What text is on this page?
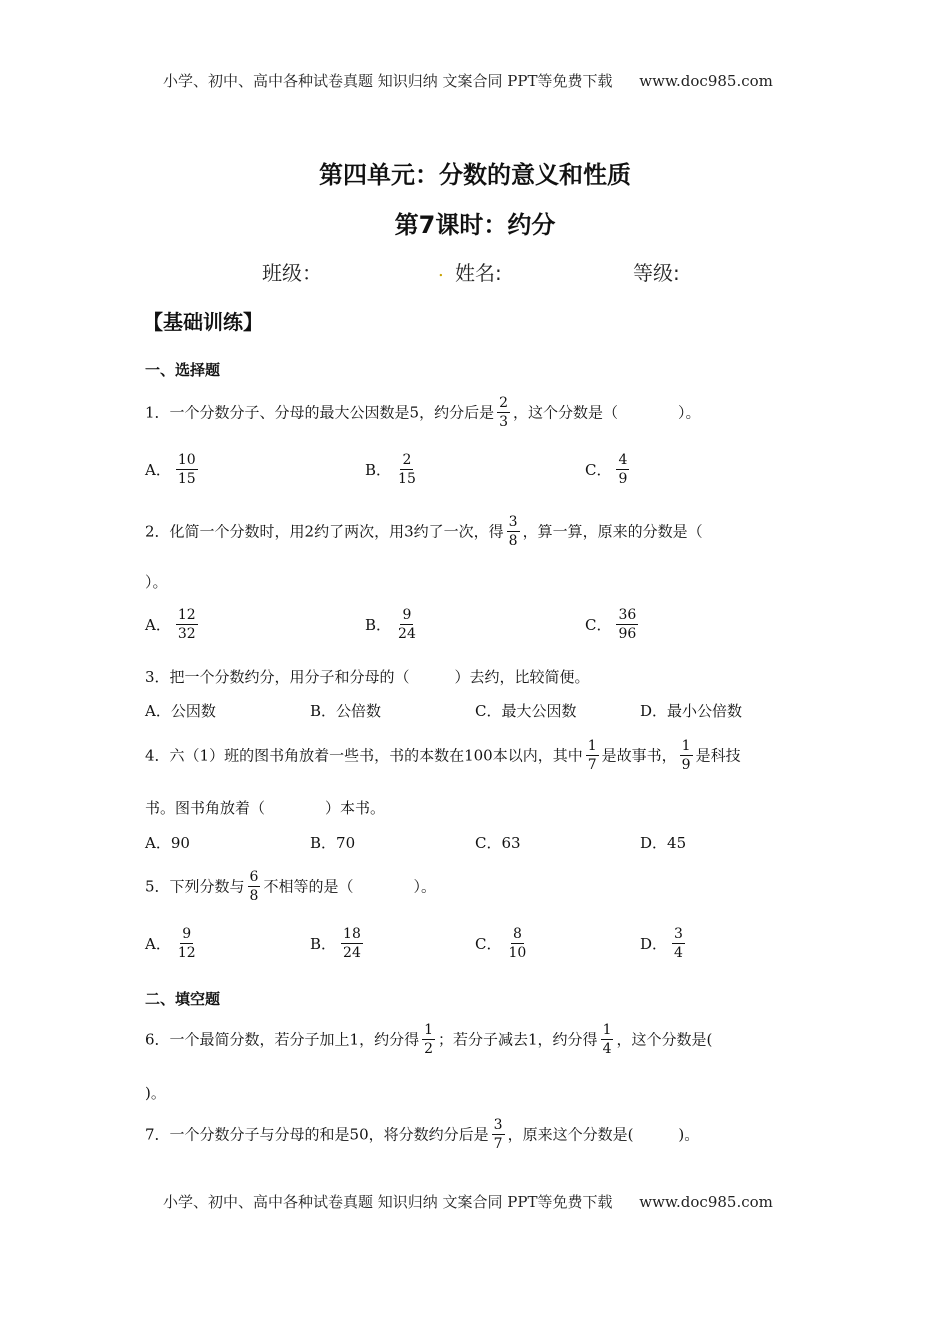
小学、初中、高中各种试卷真题 知识归纳 文案合同 PPT等免费下载 www.doc985.com
第四单元：分数的意义和性质
第7课时：约分
班级：	. 姓名:	等级:
【基础训练】
一、选择题
1．一个分数分子、分母的最大公因数是5，约分后是 $\frac{2}{3}$ ，这个分数是（　　　　）。
A． $\frac{10}{15}$	B． $\frac{2}{15}$	C． $\frac{4}{9}$
2．化简一个分数时，用2约了两次，用3约了一次，得 $\frac{3}{8}$ ，算一算，原来的分数是（
）。
A． $\frac{12}{32}$	B． $\frac{9}{24}$	C． $\frac{36}{96}$
3．把一个分数约分，用分子和分母的（　　　）去约，比较简便。
A．公因数	B．公倍数	C．最大公因数	D．最小公倍数
4．六（1）班的图书角放着一些书，书的本数在100本以内，其中 $\frac{1}{7}$ 是故事书， $\frac{1}{9}$ 是科技
书。图书角放着（　　　　）本书。
A．90	B．70	C．63	D．45
5．下列分数与 $\frac{6}{8}$ 不相等的是（　　　　）。
A． $\frac{9}{12}$	B． $\frac{18}{24}$	C． $\frac{8}{10}$	D． $\frac{3}{4}$
二、填空题
6．一个最简分数，若分子加上1，约分得 $\frac{1}{2}$ ；若分子减去1，约分得 $\frac{1}{4}$ ，这个分数是(
)。
7．一个分数分子与分母的和是50，将分数约分后是 $\frac{3}{7}$ ，原来这个分数是(　　　)。
小学、初中、高中各种试卷真题 知识归纳 文案合同 PPT等免费下载 www.doc985.com
